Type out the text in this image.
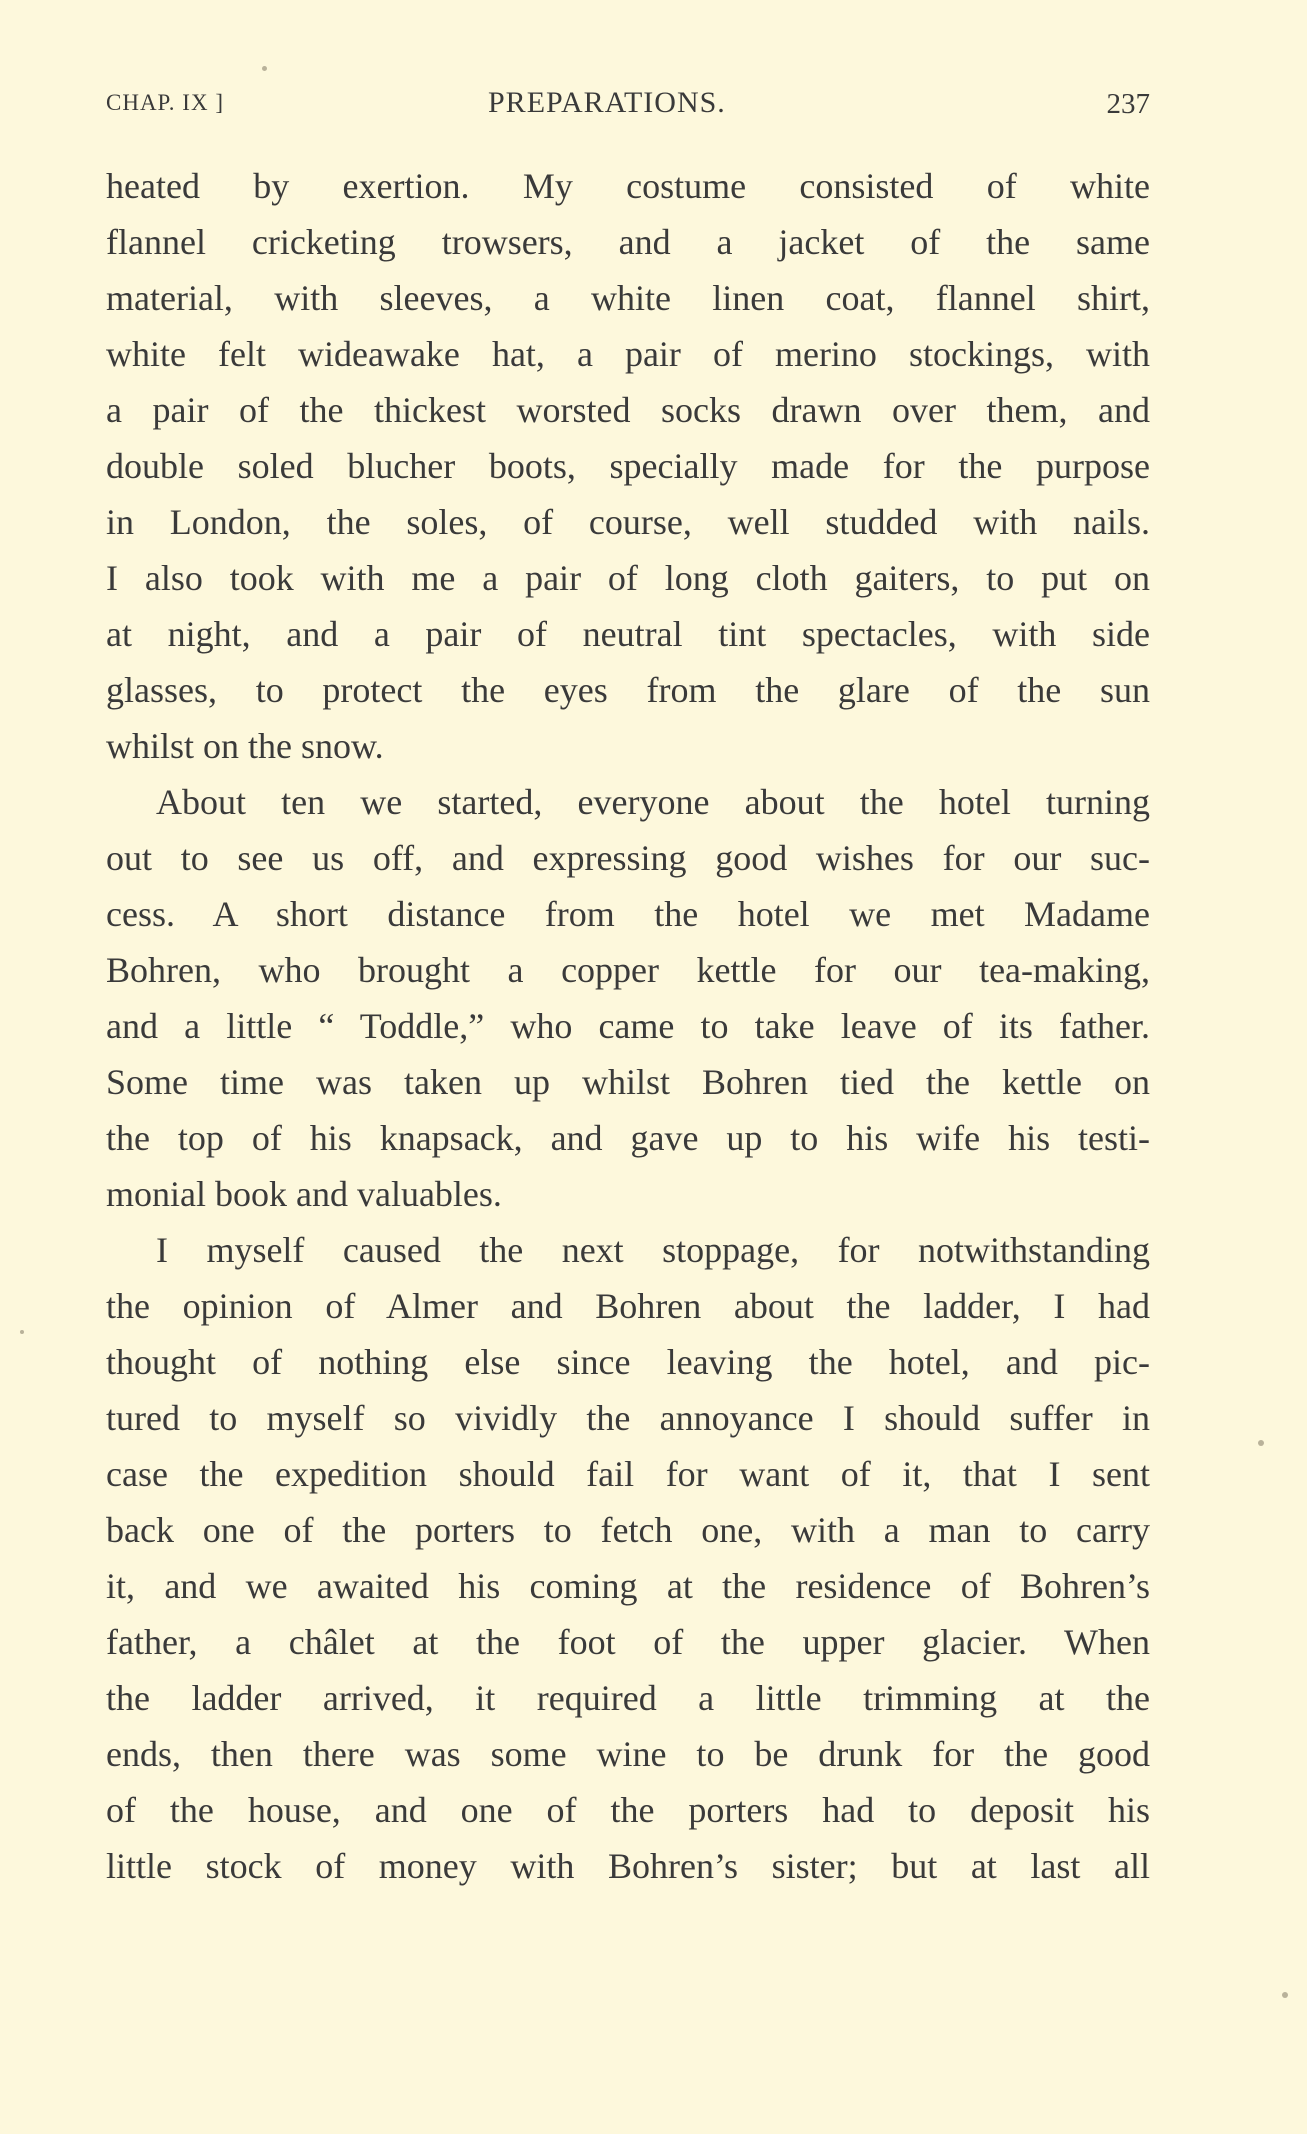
CHAP. IX ]	PREPARATIONS.	237
heated by exertion. My costume consisted of white
flannel cricketing trowsers, and a jacket of the same
material, with sleeves, a white linen coat, flannel shirt,
white felt wideawake hat, a pair of merino stockings, with
a pair of the thickest worsted socks drawn over them, and
double soled blucher boots, specially made for the purpose
in London, the soles, of course, well studded with nails.
I also took with me a pair of long cloth gaiters, to put on
at night, and a pair of neutral tint spectacles, with side
glasses, to protect the eyes from the glare of the sun
whilst on the snow.
About ten we started, everyone about the hotel turning
out to see us off, and expressing good wishes for our suc-
cess. A short distance from the hotel we met Madame
Bohren, who brought a copper kettle for our tea-making,
and a little “ Toddle,” who came to take leave of its father.
Some time was taken up whilst Bohren tied the kettle on
the top of his knapsack, and gave up to his wife his testi-
monial book and valuables.
I myself caused the next stoppage, for notwithstanding
the opinion of Almer and Bohren about the ladder, I had
thought of nothing else since leaving the hotel, and pic-
tured to myself so vividly the annoyance I should suffer in
case the expedition should fail for want of it, that I sent
back one of the porters to fetch one, with a man to carry
it, and we awaited his coming at the residence of Bohren’s
father, a châlet at the foot of the upper glacier. When
the ladder arrived, it required a little trimming at the
ends, then there was some wine to be drunk for the good
of the house, and one of the porters had to deposit his
little stock of money with Bohren’s sister; but at last all
